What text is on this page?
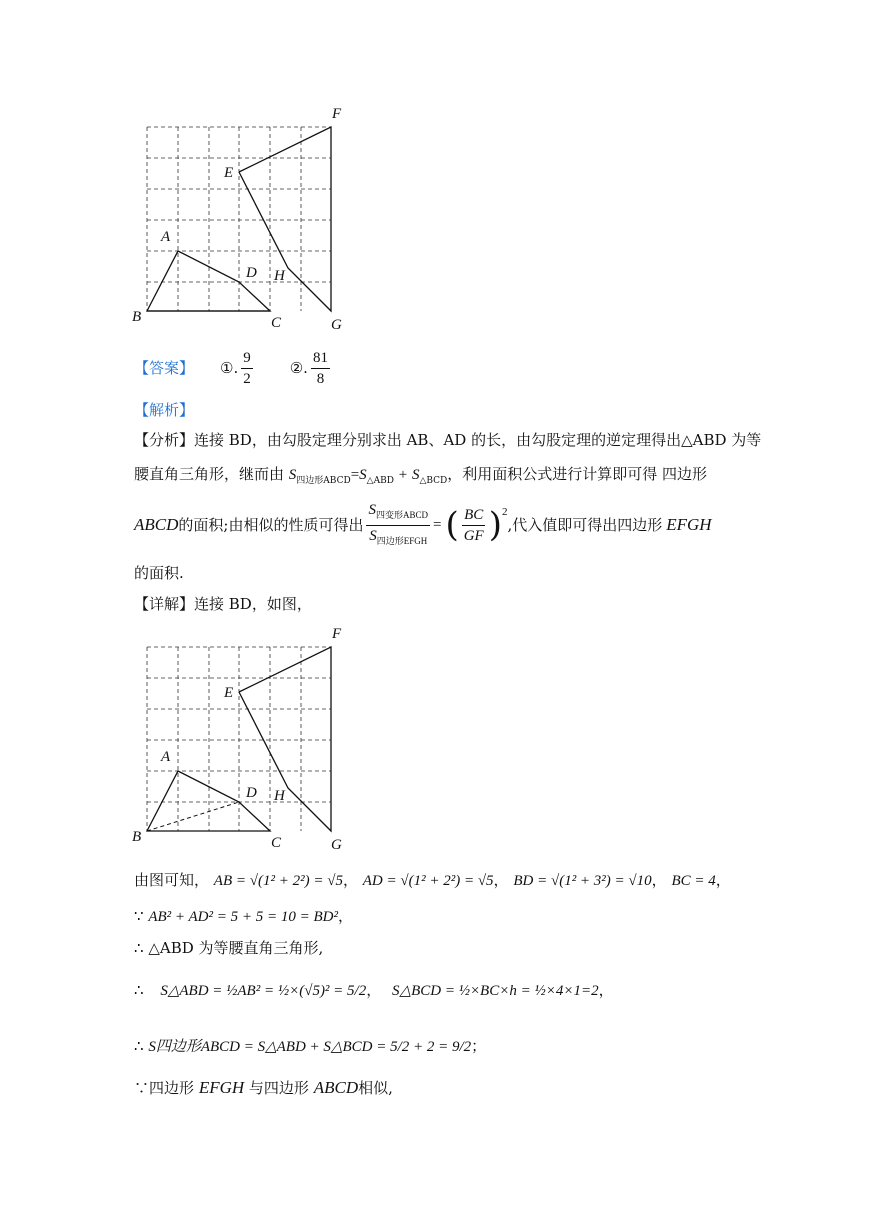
F
E
A
D H
B	C	G
【答案】 ①. $\frac{9}{2}$ ②. $\frac{81}{8}$
【解析】
【分析】连接 BD，由勾股定理分别求出 AB、AD 的长，由勾股定理的逆定理得出△ABD 为等
腰直角三角形，继而由 $S_{四边形ABCD}=S_{\triangle ABD} + S_{\triangle BCD}$，利用面积公式进行计算即可得 四边形
ABCD 的面积;由相似的性质可得出 $\frac{S_{四变形ABCD}}{S_{四边形EFGH}}$ = ( $\frac{BC}{GF}$ ) 2
,代入值即可得出四边形 EFGH
的面积.
【详解】连接 BD，如图，
F
E
A
D H
B	C	G
由图可知， AB = √(1² + 2²) = √5， AD = √(1² + 2²) = √5， BD = √(1² + 3²) = √10， BC = 4，
∵ AB² + AD² = 5 + 5 = 10 = BD²，
∴ △ABD 为等腰直角三角形,
∴ S△ABD = ½AB² = ½×(√5)² = 5/2， S△BCD = ½×BC×h = ½×4×1=2，
∴ S四边形ABCD = S△ABD + S△BCD = 5/2 + 2 = 9/2；
∵四边形 EFGH 与四边形 ABCD相似,
